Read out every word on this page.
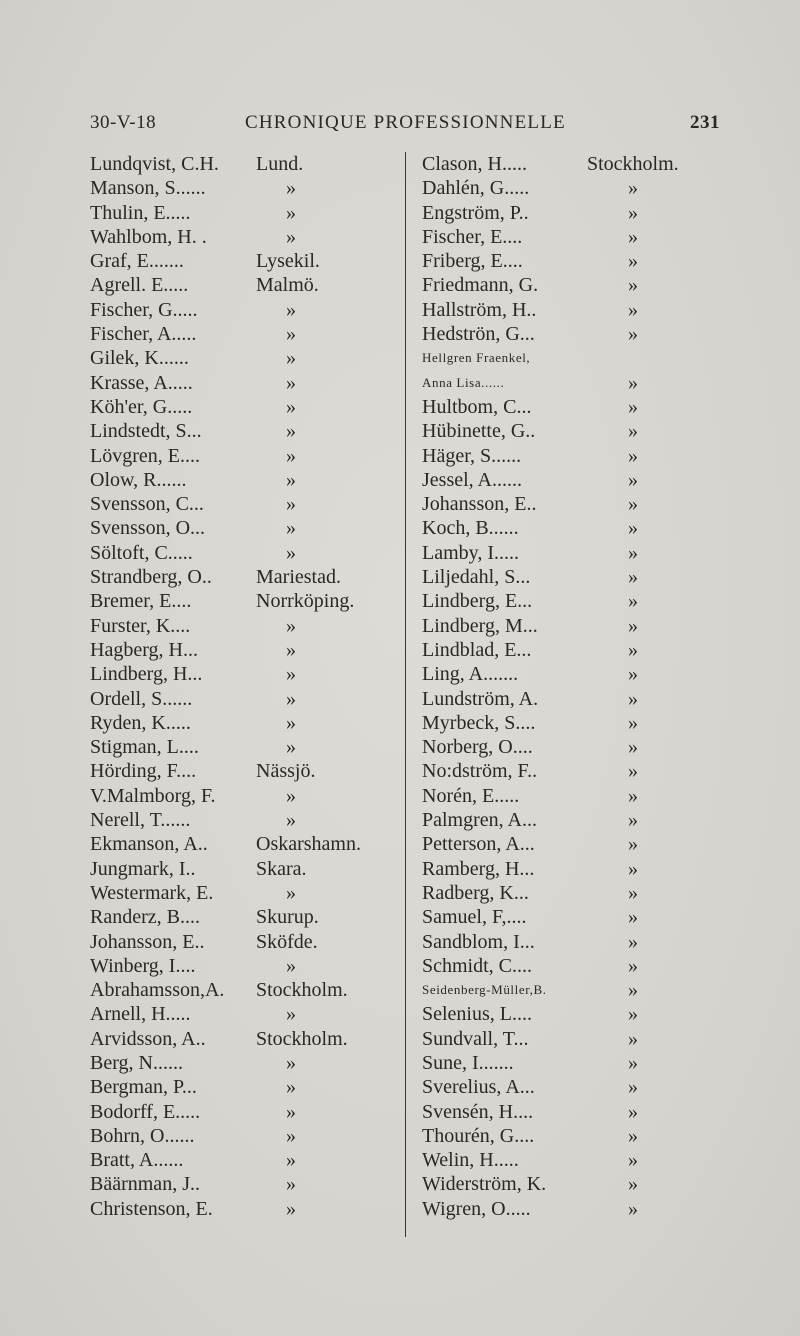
30-V-18	CHRONIQUE PROFESSIONNELLE	231
Lundqvist, C.H. Lund.
Manson, S......	»
Thulin, E.....	»
Wahlbom, H. .	»
Graf, E.......	Lysekil.
Agrell. E.....	Malmö.
Fischer, G.....	»
Fischer, A.....	»
Gilek, K......	»
Krasse, A.....	»
Köh'er, G.....	»
Lindstedt, S...	»
Lövgren, E....	»
Olow, R......	»
Svensson, C...	»
Svensson, O...	»
Söltoft, C.....	»
Strandberg, O.. Mariestad.
Bremer, E....	Norrköping.
Furster, K....	»
Hagberg, H...	»
Lindberg, H...	»
Ordell, S......	»
Ryden, K.....	»
Stigman, L....	»
Hörding, F....	Nässjö.
V.Malmborg, F.	»
Nerell, T......	»
Ekmanson, A.. Oskarshamn.
Jungmark, I..	Skara.
Westermark, E.	»
Randerz, B....	Skurup.
Johansson, E..	Sköfde.
Winberg, I....	»
Abrahamsson,A. Stockholm.
Arnell, H.....	»
Arvidsson, A..	Stockholm.
Berg, N......	»
Bergman, P...	»
Bodorff, E.....	»
Bohrn, O......	»
Bratt, A......	»
Bäärnman, J..	»
Christenson, E.	»
Clason, H.....	Stockholm.
Dahlén, G.....	»
Engström, P..	»
Fischer, E....	»
Friberg, E....	»
Friedmann, G.	»
Hallström, H..	»
Hedströn, G...	»
Hellgren Fraenkel,
Anna Lisa......	»
Hultbom, C...	»
Hübinette, G..	»
Häger, S......	»
Jessel, A......	»
Johansson, E..	»
Koch, B......	»
Lamby, I.....	»
Liljedahl, S...	»
Lindberg, E...	»
Lindberg, M...	»
Lindblad, E...	»
Ling, A.......	»
Lundström, A.	»
Myrbeck, S....	»
Norberg, O....	»
No:dström, F..	»
Norén, E.....	»
Palmgren, A...	»
Petterson, A...	»
Ramberg, H...	»
Radberg, K...	»
Samuel, F,....	»
Sandblom, I...	»
Schmidt, C....	»
Seidenberg-Müller,B.	»
Selenius, L....	»
Sundvall, T...	»
Sune, I.......	»
Sverelius, A...	»
Svensén, H....	»
Thourén, G....	»
Welin, H.....	»
Widerström, K.	»
Wigren, O.....	»
